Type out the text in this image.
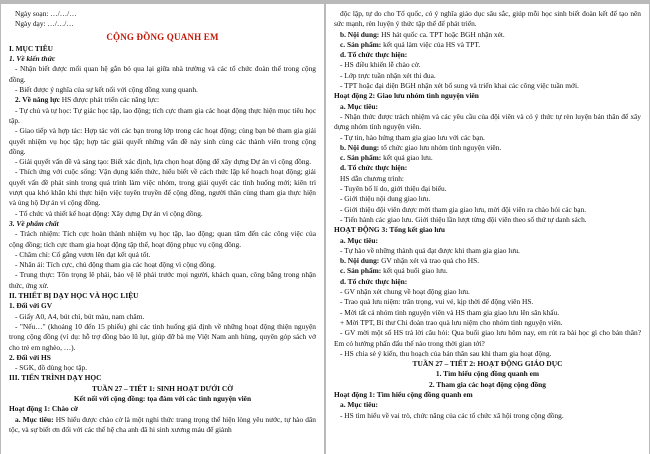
Ngày soạn: …/…/…
Ngày dạy: …/…/…
CỘNG ĐỒNG QUANH EM
I. MỤC TIÊU
1. Về kiến thức
- Nhận biết được mối quan hệ gắn bó qua lại giữa nhà trường và các tổ chức đoàn thể trong cộng đồng.
- Biết được ý nghĩa của sự kết nối với cộng đồng xung quanh.
2. Về năng lực HS được phát triển các năng lực:
- Tự chủ và tự học: Tự giác học tập, lao động; tích cực tham gia các hoạt động thực hiện mục tiêu học tập.
- Giao tiếp và hợp tác: Hợp tác với các bạn trong lớp trong các hoạt động; cùng bạn bè tham gia giải quyết nhiệm vụ học tập; hợp tác giải quyết những vấn đề nảy sinh cùng các thành viên trong cộng đồng.
- Giải quyết vấn đề và sáng tạo: Biết xác định, lựa chọn hoạt động để xây dựng Dự án vì cộng đồng.
- Thích ứng với cuộc sống: Vận dụng kiến thức, hiểu biết về cách thức lập kế hoạch hoạt động; giải quyết vấn đề phát sinh trong quá trình làm việc nhóm, trong giải quyết các tình huống mới; kiên trì vượt qua khó khăn khi thực hiện việc tuyên truyền để cộng đồng, người thân cùng tham gia thực hiện và ủng hộ Dự án vì cộng đồng.
- Tổ chức và thiết kế hoạt động: Xây dựng Dự án vì cộng đồng.
3. Về phẩm chất
- Trách nhiệm: Tích cực hoàn thành nhiệm vụ học tập, lao động; quan tâm đến các công việc của cộng đồng; tích cực tham gia hoạt động tập thể, hoạt động phục vụ cộng đồng.
- Chăm chỉ: Cố gắng vươn lên đạt kết quả tốt.
- Nhân ái: Tích cực, chủ động tham gia các hoạt động vì cộng đồng.
- Trung thực: Tôn trọng lẽ phải, bảo vệ lẽ phải trước mọi người, khách quan, công bằng trong nhận thức, ứng xử.
II. THIẾT BỊ DẠY HỌC VÀ HỌC LIỆU
1. Đối với GV
- Giấy A0, A4, bút chì, bút màu, nam châm.
- "Nếu…" (khoảng 10 đến 15 phiếu) ghi các tình huống giả định về những hoạt động thiện nguyện trong cộng đồng (ví dụ: hỗ trợ đồng bào lũ lụt, giúp đỡ bà mẹ Việt Nam anh hùng, quyên góp sách vở cho trẻ em nghèo, …).
2. Đối với HS
- SGK, đồ dùng học tập.
III. TIẾN TRÌNH DẠY HỌC
TUẦN 27 – TIẾT 1: SINH HOẠT DƯỚI CỜ
Kết nối với cộng đồng: tọa đàm với các tình nguyện viên
Hoạt động 1: Chào cờ
a. Mục tiêu: HS hiểu được chào cờ là một nghi thức trang trọng thể hiện lòng yêu nước, tự hào dân tộc, và sự biết ơn đối với các thế hệ cha anh đã hi sinh xương máu để giành
độc lập, tự do cho Tổ quốc, có ý nghĩa giáo dục sâu sắc, giúp mỗi học sinh biết đoàn kết để tạo nên sức mạnh, rèn luyện ý thức tập thể để phát triển.
b. Nội dung: HS hát quốc ca. TPT hoặc BGH nhận xét.
c. Sản phẩm: kết quả làm việc của HS và TPT.
d. Tổ chức thực hiện:
- HS điều khiển lễ chào cờ.
- Lớp trực tuần nhận xét thi đua.
- TPT hoặc đại diện BGH nhận xét bổ sung và triển khai các công việc tuần mới.
Hoạt động 2: Giao lưu nhóm tình nguyện viên
a. Mục tiêu:
- Nhận thức được trách nhiệm và các yêu cầu của đội viên và có ý thức tự rèn luyện bản thân để xây dựng nhóm tình nguyện viên.
- Tự tin, hào hứng tham gia giao lưu với các bạn.
b. Nội dung: tổ chức giao lưu nhóm tình nguyện viên.
c. Sản phẩm: kết quả giao lưu.
d. Tổ chức thực hiện:
HS dẫn chương trình:
- Tuyên bố lí do, giới thiệu đại biểu.
- Giới thiệu nội dung giao lưu.
- Giới thiệu đội viên được mời tham gia giao lưu, mời đội viên ra chào hỏi các bạn.
- Tiến hành các giao lưu. Giới thiệu lần lượt từng đội viên theo số thứ tự danh sách.
HOẠT ĐỘNG 3: Tổng kết giao lưu
a. Mục tiêu:
- Tự hào về những thành quả đạt được khi tham gia giao lưu.
b. Nội dung: GV nhận xét và trao quà cho HS.
c. Sản phẩm: kết quả buổi giao lưu.
d. Tổ chức thực hiện:
- GV nhận xét chung về hoạt động giao lưu.
- Trao quà lưu niệm: trân trọng, vui vẻ, kịp thời để động viên HS.
- Mời tất cả nhóm tình nguyện viên và HS tham gia giao lưu lên sân khấu.
+ Mời TPT, Bí thư Chi đoàn trao quà lưu niệm cho nhóm tình nguyện viên.
- GV mời một số HS trả lời câu hỏi: Qua buổi giao lưu hôm nay, em rút ra bài học gì cho bản thân? Em có hướng phấn đấu thế nào trong thời gian tới?
- HS chia sẻ ý kiến, thu hoạch của bản thân sau khi tham gia hoạt động.
TUẦN 27 – TIẾT 2: HOẠT ĐỘNG GIÁO DỤC
1. Tìm hiểu cộng đồng quanh em
2. Tham gia các hoạt động cộng đồng
Hoạt động 1: Tìm hiểu cộng đồng quanh em
a. Mục tiêu:
- HS tìm hiểu về vai trò, chức năng của các tổ chức xã hội trong cộng đồng.
